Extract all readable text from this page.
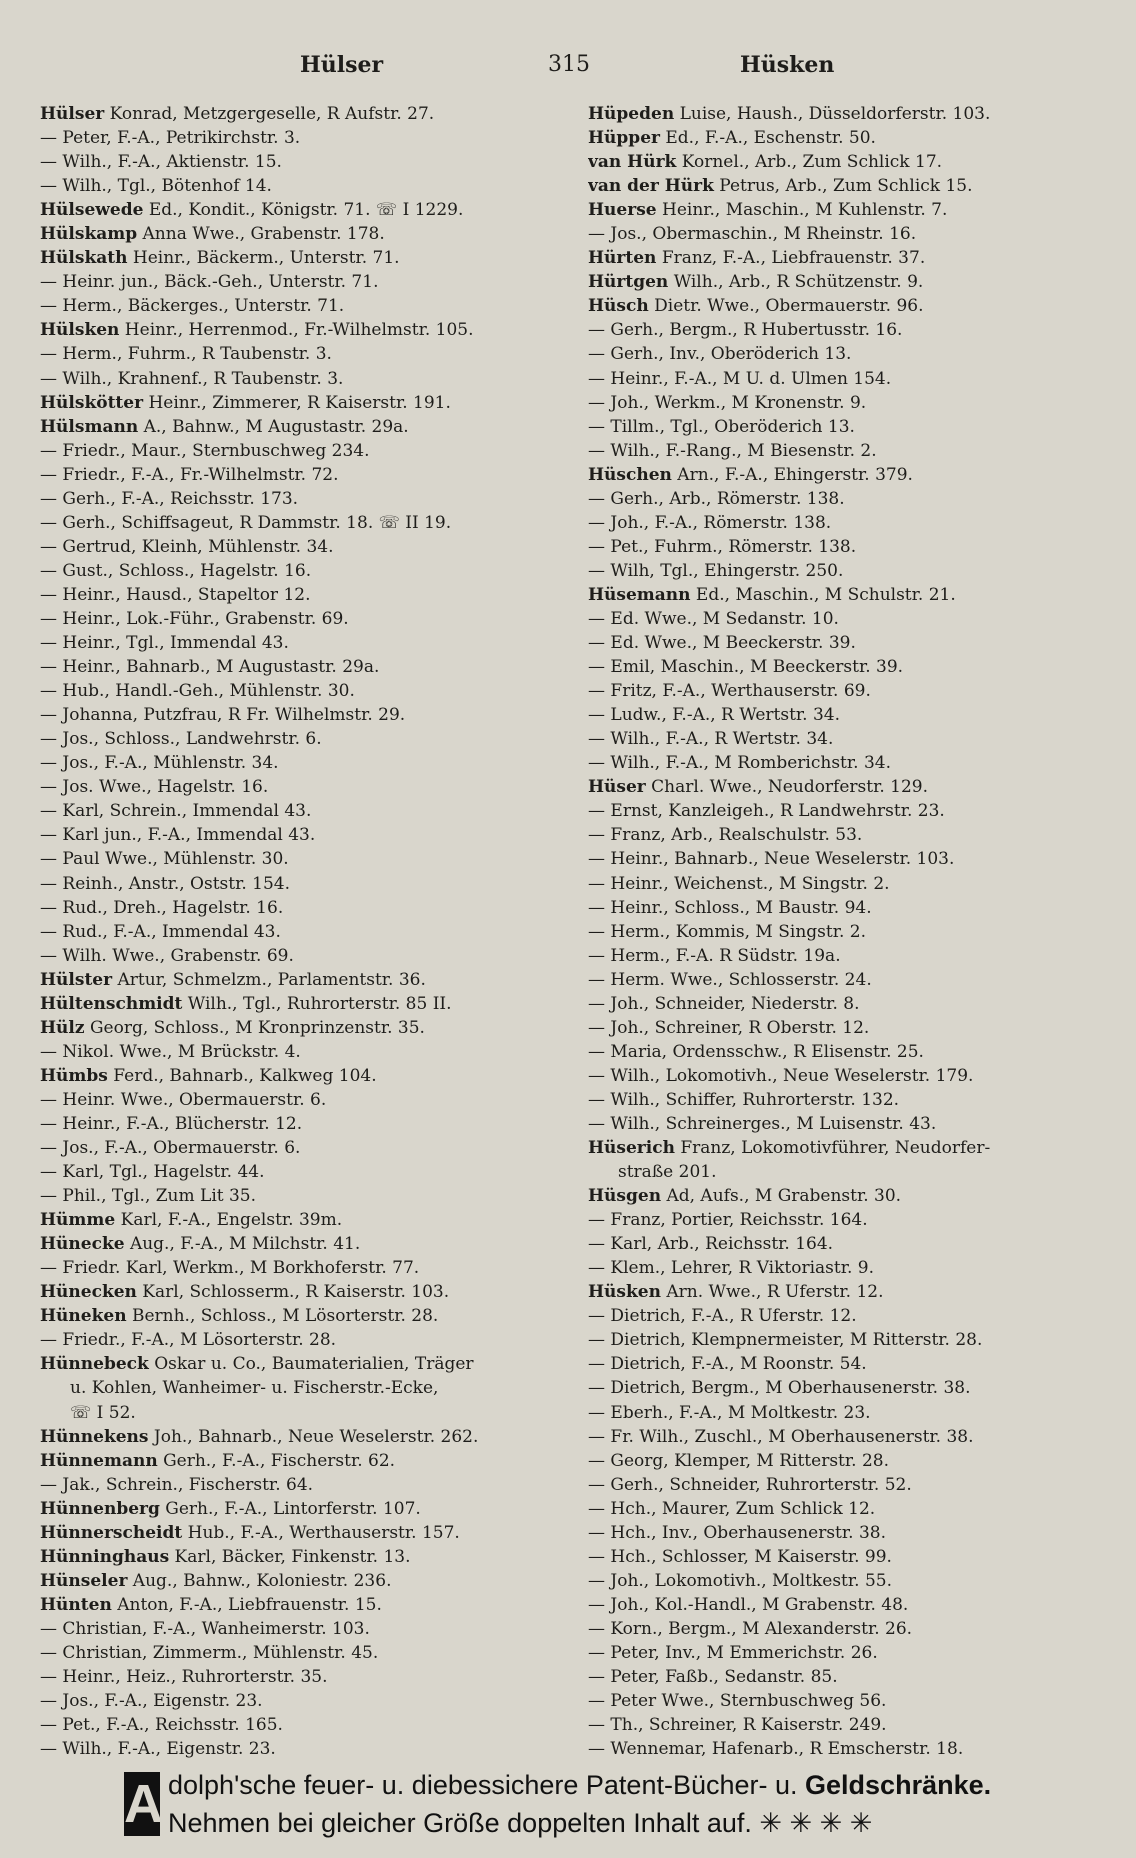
Hülser	315	Hüsken
Hülser Konrad, Metzgergeselle, R Aufstr. 27.
— Peter, F.-A., Petrikirchstr. 3.
— Wilh., F.-A., Aktienstr. 15.
— Wilh., Tgl., Bötenhof 14.
Hülsewede Ed., Kondit., Königstr. 71. ☏ I 1229.
Hülskamp Anna Wwe., Grabenstr. 178.
Hülskath Heinr., Bäckerm., Unterstr. 71.
— Heinr. jun., Bäck.-Geh., Unterstr. 71.
— Herm., Bäckerges., Unterstr. 71.
Hülsken Heinr., Herrenmod., Fr.-Wilhelmstr. 105.
— Herm., Fuhrm., R Taubenstr. 3.
— Wilh., Krahnenf., R Taubenstr. 3.
Hülskötter Heinr., Zimmerer, R Kaiserstr. 191.
Hülsmann A., Bahnw., M Augustastr. 29a.
— Friedr., Maur., Sternbuschweg 234.
— Friedr., F.-A., Fr.-Wilhelmstr. 72.
— Gerh., F.-A., Reichsstr. 173.
— Gerh., Schiffsageut, R Dammstr. 18. ☏ II 19.
— Gertrud, Kleinh, Mühlenstr. 34.
— Gust., Schloss., Hagelstr. 16.
— Heinr., Hausd., Stapeltor 12.
— Heinr., Lok.-Führ., Grabenstr. 69.
— Heinr., Tgl., Immendal 43.
— Heinr., Bahnarb., M Augustastr. 29a.
— Hub., Handl.-Geh., Mühlenstr. 30.
— Johanna, Putzfrau, R Fr. Wilhelmstr. 29.
— Jos., Schloss., Landwehrstr. 6.
— Jos., F.-A., Mühlenstr. 34.
— Jos. Wwe., Hagelstr. 16.
— Karl, Schrein., Immendal 43.
— Karl jun., F.-A., Immendal 43.
— Paul Wwe., Mühlenstr. 30.
— Reinh., Anstr., Oststr. 154.
— Rud., Dreh., Hagelstr. 16.
— Rud., F.-A., Immendal 43.
— Wilh. Wwe., Grabenstr. 69.
Hülster Artur, Schmelzm., Parlamentstr. 36.
Hültenschmidt Wilh., Tgl., Ruhrorterstr. 85 II.
Hülz Georg, Schloss., M Kronprinzenstr. 35.
— Nikol. Wwe., M Brückstr. 4.
Hümbs Ferd., Bahnarb., Kalkweg 104.
— Heinr. Wwe., Obermauerstr. 6.
— Heinr., F.-A., Blücherstr. 12.
— Jos., F.-A., Obermauerstr. 6.
— Karl, Tgl., Hagelstr. 44.
— Phil., Tgl., Zum Lit 35.
Hümme Karl, F.-A., Engelstr. 39m.
Hünecke Aug., F.-A., M Milchstr. 41.
— Friedr. Karl, Werkm., M Borkhoferstr. 77.
Hünecken Karl, Schlosserm., R Kaiserstr. 103.
Hüneken Bernh., Schloss., M Lösorterstr. 28.
— Friedr., F.-A., M Lösorterstr. 28.
Hünnebeck Oskar u. Co., Baumaterialien, Träger
u. Kohlen, Wanheimer- u. Fischerstr.-Ecke,
☏ I 52.
Hünnekens Joh., Bahnarb., Neue Weselerstr. 262.
Hünnemann Gerh., F.-A., Fischerstr. 62.
— Jak., Schrein., Fischerstr. 64.
Hünnenberg Gerh., F.-A., Lintorferstr. 107.
Hünnerscheidt Hub., F.-A., Werthauserstr. 157.
Hünninghaus Karl, Bäcker, Finkenstr. 13.
Hünseler Aug., Bahnw., Koloniestr. 236.
Hünten Anton, F.-A., Liebfrauenstr. 15.
— Christian, F.-A., Wanheimerstr. 103.
— Christian, Zimmerm., Mühlenstr. 45.
— Heinr., Heiz., Ruhrorterstr. 35.
— Jos., F.-A., Eigenstr. 23.
— Pet., F.-A., Reichsstr. 165.
— Wilh., F.-A., Eigenstr. 23.
Hüpeden Luise, Haush., Düsseldorferstr. 103.
Hüpper Ed., F.-A., Eschenstr. 50.
van Hürk Kornel., Arb., Zum Schlick 17.
van der Hürk Petrus, Arb., Zum Schlick 15.
Huerse Heinr., Maschin., M Kuhlenstr. 7.
— Jos., Obermaschin., M Rheinstr. 16.
Hürten Franz, F.-A., Liebfrauenstr. 37.
Hürtgen Wilh., Arb., R Schützenstr. 9.
Hüsch Dietr. Wwe., Obermauerstr. 96.
— Gerh., Bergm., R Hubertusstr. 16.
— Gerh., Inv., Oberöderich 13.
— Heinr., F.-A., M U. d. Ulmen 154.
— Joh., Werkm., M Kronenstr. 9.
— Tillm., Tgl., Oberöderich 13.
— Wilh., F.-Rang., M Biesenstr. 2.
Hüschen Arn., F.-A., Ehingerstr. 379.
— Gerh., Arb., Römerstr. 138.
— Joh., F.-A., Römerstr. 138.
— Pet., Fuhrm., Römerstr. 138.
— Wilh, Tgl., Ehingerstr. 250.
Hüsemann Ed., Maschin., M Schulstr. 21.
— Ed. Wwe., M Sedanstr. 10.
— Ed. Wwe., M Beeckerstr. 39.
— Emil, Maschin., M Beeckerstr. 39.
— Fritz, F.-A., Werthauserstr. 69.
— Ludw., F.-A., R Wertstr. 34.
— Wilh., F.-A., R Wertstr. 34.
— Wilh., F.-A., M Romberichstr. 34.
Hüser Charl. Wwe., Neudorferstr. 129.
— Ernst, Kanzleigeh., R Landwehrstr. 23.
— Franz, Arb., Realschulstr. 53.
— Heinr., Bahnarb., Neue Weselerstr. 103.
— Heinr., Weichenst., M Singstr. 2.
— Heinr., Schloss., M Baustr. 94.
— Herm., Kommis, M Singstr. 2.
— Herm., F.-A. R Südstr. 19a.
— Herm. Wwe., Schlosserstr. 24.
— Joh., Schneider, Niederstr. 8.
— Joh., Schreiner, R Oberstr. 12.
— Maria, Ordensschw., R Elisenstr. 25.
— Wilh., Lokomotivh., Neue Weselerstr. 179.
— Wilh., Schiffer, Ruhrorterstr. 132.
— Wilh., Schreinerges., M Luisenstr. 43.
Hüserich Franz, Lokomotivführer, Neudorfer-
straße 201.
Hüsgen Ad, Aufs., M Grabenstr. 30.
— Franz, Portier, Reichsstr. 164.
— Karl, Arb., Reichsstr. 164.
— Klem., Lehrer, R Viktoriastr. 9.
Hüsken Arn. Wwe., R Uferstr. 12.
— Dietrich, F.-A., R Uferstr. 12.
— Dietrich, Klempnermeister, M Ritterstr. 28.
— Dietrich, F.-A., M Roonstr. 54.
— Dietrich, Bergm., M Oberhausenerstr. 38.
— Eberh., F.-A., M Moltkestr. 23.
— Fr. Wilh., Zuschl., M Oberhausenerstr. 38.
— Georg, Klemper, M Ritterstr. 28.
— Gerh., Schneider, Ruhrorterstr. 52.
— Hch., Maurer, Zum Schlick 12.
— Hch., Inv., Oberhausenerstr. 38.
— Hch., Schlosser, M Kaiserstr. 99.
— Joh., Lokomotivh., Moltkestr. 55.
— Joh., Kol.-Handl., M Grabenstr. 48.
— Korn., Bergm., M Alexanderstr. 26.
— Peter, Inv., M Emmerichstr. 26.
— Peter, Faßb., Sedanstr. 85.
— Peter Wwe., Sternbuschweg 56.
— Th., Schreiner, R Kaiserstr. 249.
— Wennemar, Hafenarb., R Emscherstr. 18.
A dolph'sche feuer- u. diebessichere Patent-Bücher- u. Geldschränke.
Nehmen bei gleicher Größe doppelten Inhalt auf. ✳ ✳ ✳ ✳
